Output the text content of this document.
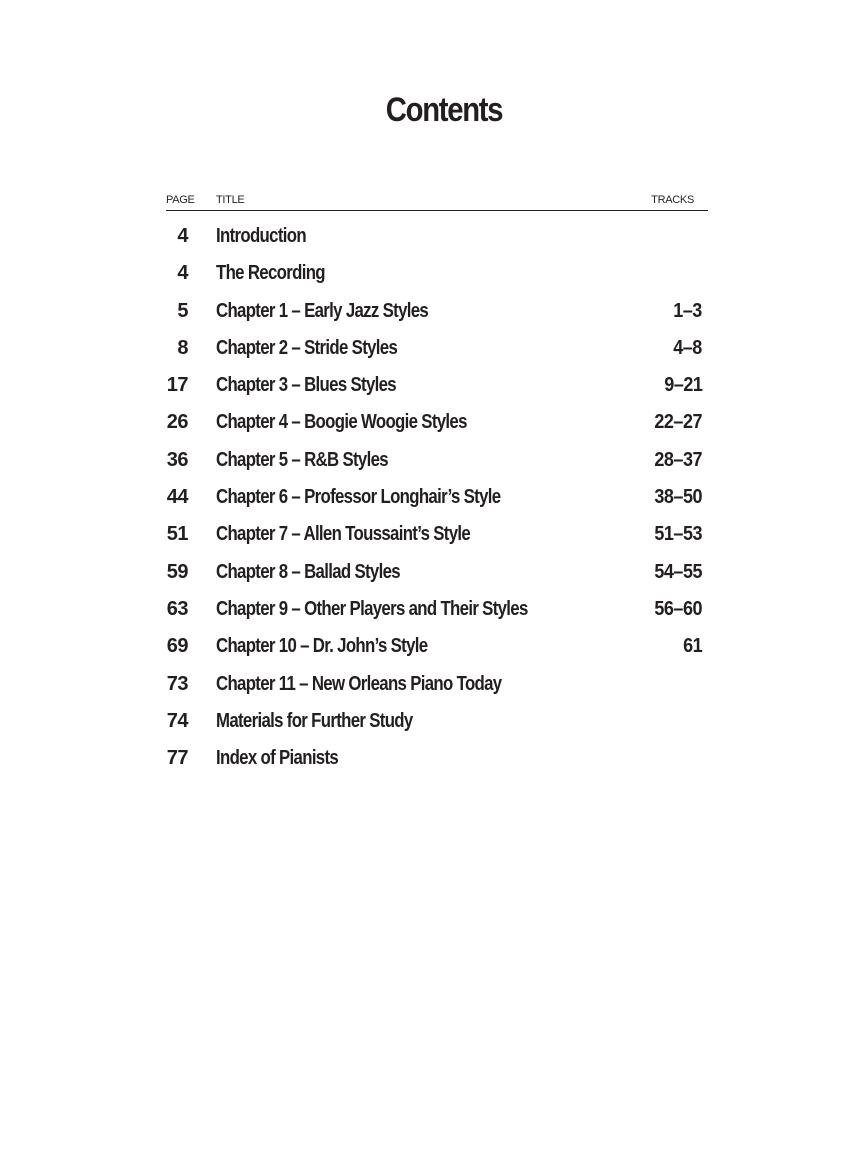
Contents
PAGE TITLE	TRACKS
4 Introduction
4 The Recording
5 Chapter 1 – Early Jazz Styles	1–3
8 Chapter 2 – Stride Styles	4–8
17 Chapter 3 – Blues Styles	9–21
26 Chapter 4 – Boogie Woogie Styles	22–27
36 Chapter 5 – R&B Styles	28–37
44 Chapter 6 – Professor Longhair’s Style	38–50
51 Chapter 7 – Allen Toussaint’s Style	51–53
59 Chapter 8 – Ballad Styles	54–55
63 Chapter 9 – Other Players and Their Styles	56–60
69 Chapter 10 – Dr. John’s Style	61
73 Chapter 11 – New Orleans Piano Today
74 Materials for Further Study
77 Index of Pianists
